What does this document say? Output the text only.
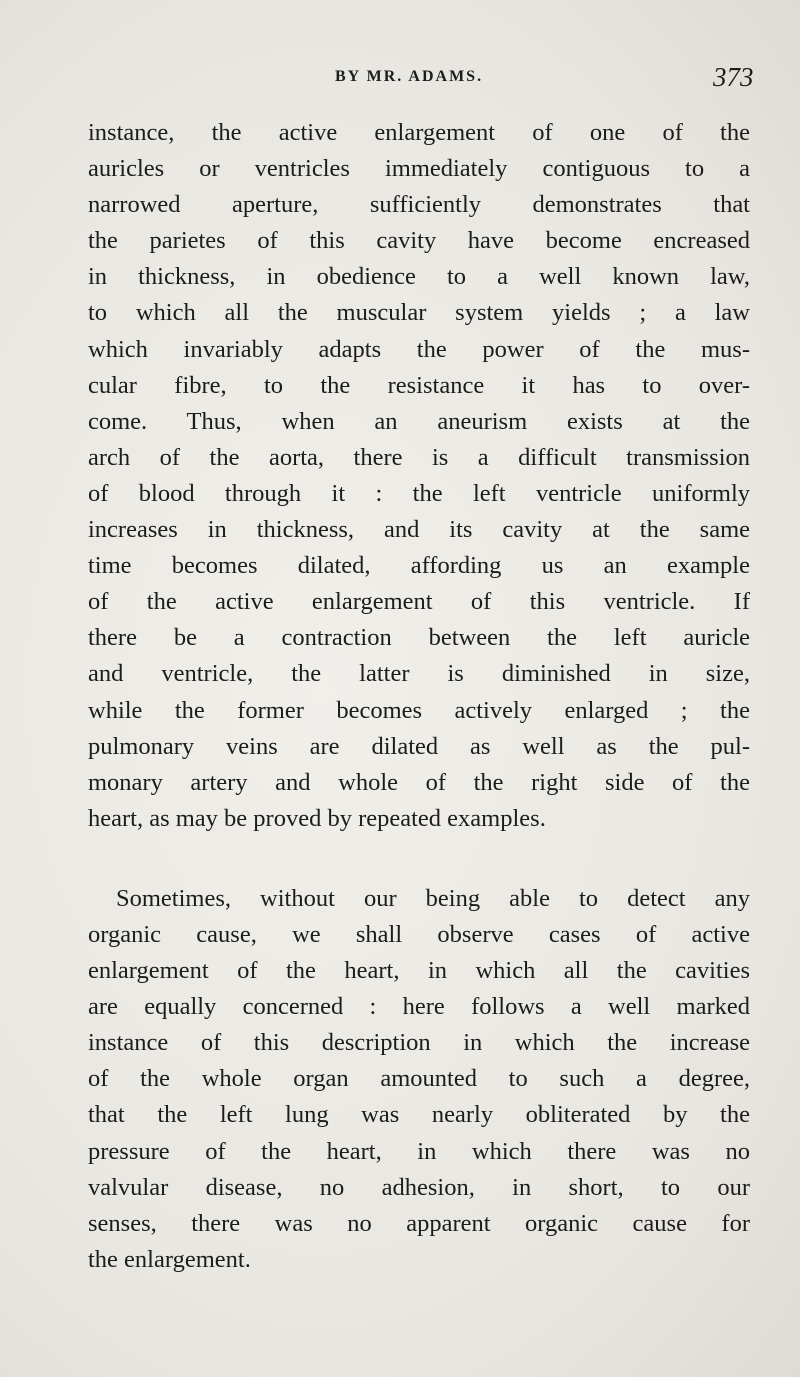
BY MR. ADAMS.	373
instance, the active enlargement of one of the
auricles or ventricles immediately contiguous to a
narrowed aperture, sufficiently demonstrates that
the parietes of this cavity have become encreased
in thickness, in obedience to a well known law,
to which all the muscular system yields ; a law
which invariably adapts the power of the mus-
cular fibre, to the resistance it has to over-
come. Thus, when an aneurism exists at the
arch of the aorta, there is a difficult transmission
of blood through it : the left ventricle uniformly
increases in thickness, and its cavity at the same
time becomes dilated, affording us an example
of the active enlargement of this ventricle. If
there be a contraction between the left auricle
and ventricle, the latter is diminished in size,
while the former becomes actively enlarged ; the
pulmonary veins are dilated as well as the pul-
monary artery and whole of the right side of the
heart, as may be proved by repeated examples.
Sometimes, without our being able to detect any
organic cause, we shall observe cases of active
enlargement of the heart, in which all the cavities
are equally concerned : here follows a well marked
instance of this description in which the increase
of the whole organ amounted to such a degree,
that the left lung was nearly obliterated by the
pressure of the heart, in which there was no
valvular disease, no adhesion, in short, to our
senses, there was no apparent organic cause for
the enlargement.
